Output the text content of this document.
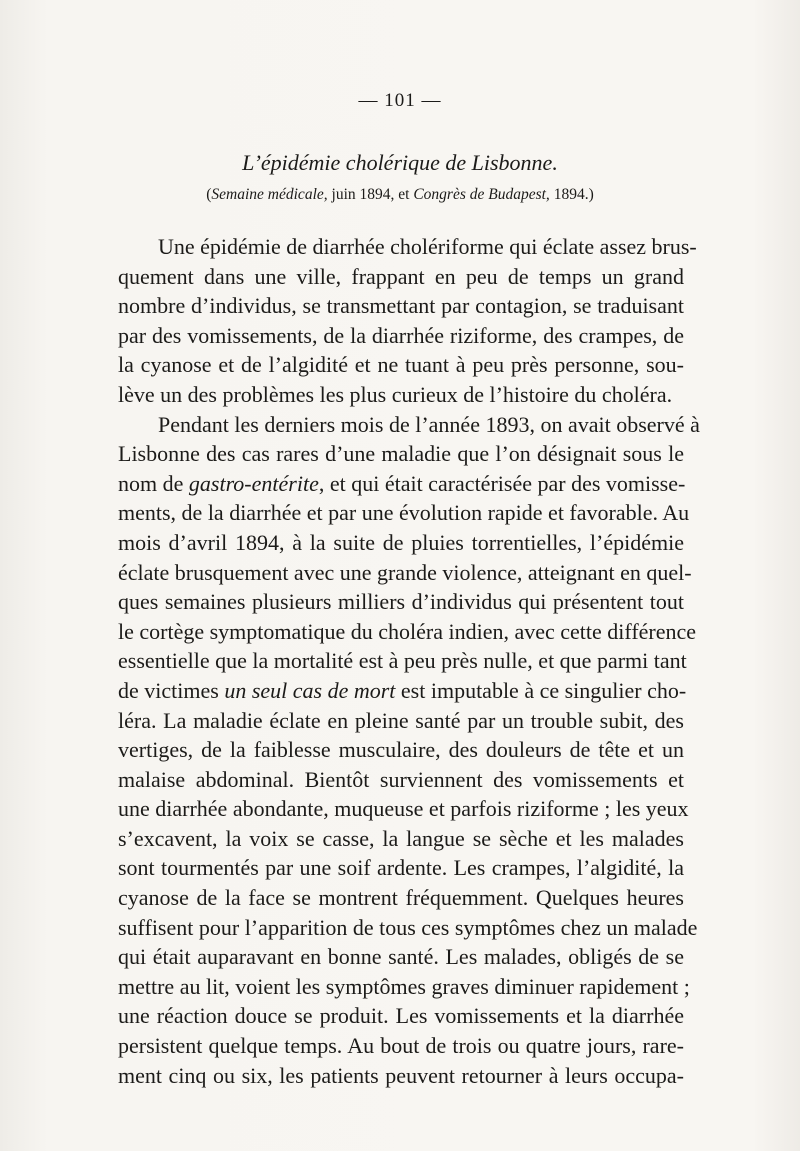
— 101 —
L’épidémie cholérique de Lisbonne.
(Semaine médicale, juin 1894, et Congrès de Budapest, 1894.)
Une épidémie de diarrhée cholériforme qui éclate assez brus-
quement dans une ville, frappant en peu de temps un grand
nombre d’individus, se transmettant par contagion, se traduisant
par des vomissements, de la diarrhée riziforme, des crampes, de
la cyanose et de l’algidité et ne tuant à peu près personne, sou-
lève un des problèmes les plus curieux de l’histoire du choléra.
Pendant les derniers mois de l’année 1893, on avait observé à
Lisbonne des cas rares d’une maladie que l’on désignait sous le
nom de gastro-entérite, et qui était caractérisée par des vomisse-
ments, de la diarrhée et par une évolution rapide et favorable. Au
mois d’avril 1894, à la suite de pluies torrentielles, l’épidémie
éclate brusquement avec une grande violence, atteignant en quel-
ques semaines plusieurs milliers d’individus qui présentent tout
le cortège symptomatique du choléra indien, avec cette différence
essentielle que la mortalité est à peu près nulle, et que parmi tant
de victimes un seul cas de mort est imputable à ce singulier cho-
léra. La maladie éclate en pleine santé par un trouble subit, des
vertiges, de la faiblesse musculaire, des douleurs de tête et un
malaise abdominal. Bientôt surviennent des vomissements et
une diarrhée abondante, muqueuse et parfois riziforme ; les yeux
s’excavent, la voix se casse, la langue se sèche et les malades
sont tourmentés par une soif ardente. Les crampes, l’algidité, la
cyanose de la face se montrent fréquemment. Quelques heures
suffisent pour l’apparition de tous ces symptômes chez un malade
qui était auparavant en bonne santé. Les malades, obligés de se
mettre au lit, voient les symptômes graves diminuer rapidement ;
une réaction douce se produit. Les vomissements et la diarrhée
persistent quelque temps. Au bout de trois ou quatre jours, rare-
ment cinq ou six, les patients peuvent retourner à leurs occupa-
